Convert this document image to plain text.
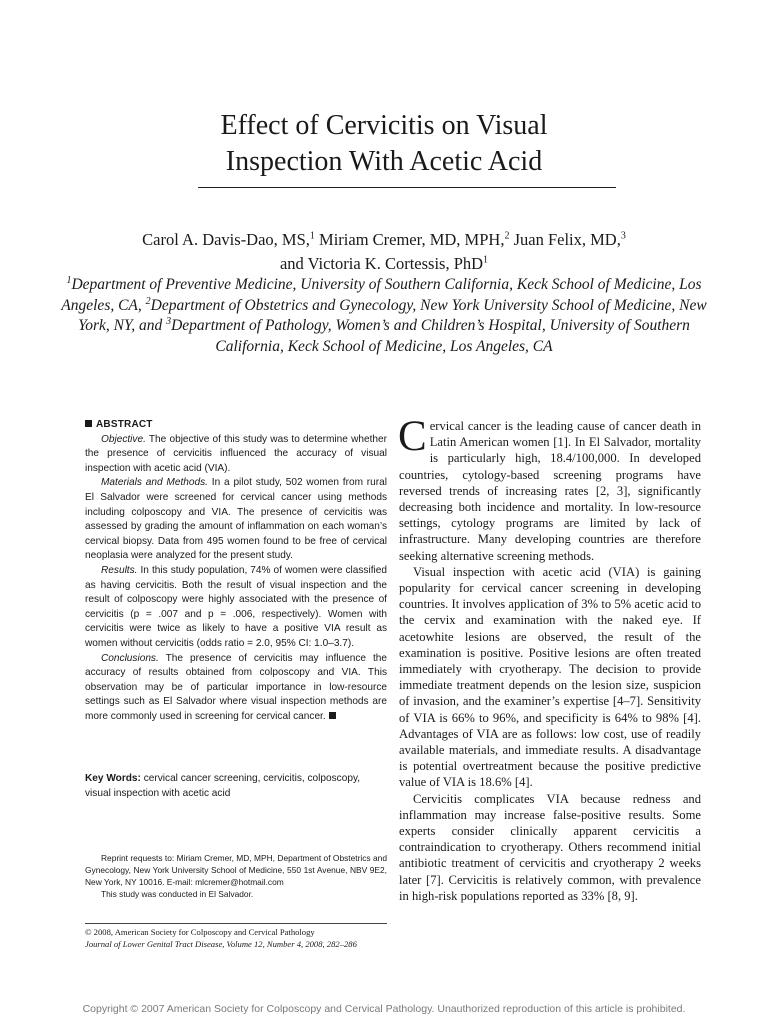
Effect of Cervicitis on Visual
Inspection With Acetic Acid
Carol A. Davis-Dao, MS,$^1$ Miriam Cremer, MD, MPH,$^2$ Juan Felix, MD,$^3$
and Victoria K. Cortessis, PhD$^1$
$^1$Department of Preventive Medicine, University of Southern California, Keck School of Medicine, Los Angeles, CA, $^2$Department of Obstetrics and Gynecology, New York University School of Medicine, New York, NY, and $^3$Department of Pathology, Women’s and Children’s Hospital, University of Southern California, Keck School of Medicine, Los Angeles, CA
ABSTRACT

Objective. The objective of this study was to determine whether the presence of cervicitis influenced the accuracy of visual inspection with acetic acid (VIA).

Materials and Methods. In a pilot study, 502 women from rural El Salvador were screened for cervical cancer using methods including colposcopy and VIA. The presence of cervicitis was assessed by grading the amount of inflammation on each woman’s cervical biopsy. Data from 495 women found to be free of cervical neoplasia were analyzed for the present study.

Results. In this study population, 74% of women were classified as having cervicitis. Both the result of visual inspection and the result of colposcopy were highly associated with the presence of cervicitis (p = .007 and p = .006, respectively). Women with cervicitis were twice as likely to have a positive VIA result as women without cervicitis (odds ratio = 2.0, 95% CI: 1.0–3.7).

Conclusions. The presence of cervicitis may influence the accuracy of results obtained from colposcopy and VIA. This observation may be of particular importance in low-resource settings such as El Salvador where visual inspection methods are more commonly used in screening for cervical cancer.

Key Words: cervical cancer screening, cervicitis, colposcopy, visual inspection with acetic acid

Reprint requests to: Miriam Cremer, MD, MPH, Department of Obstetrics and Gynecology, New York University School of Medicine, 550 1st Avenue, NBV 9E2, New York, NY 10016. E-mail: mlcremer@hotmail.com

This study was conducted in El Salvador.

© 2008, American Society for Colposcopy and Cervical Pathology
Journal of Lower Genital Tract Disease, Volume 12, Number 4, 2008, 282–286

Cervical cancer is the leading cause of cancer death in Latin American women [1]. In El Salvador, mortality is particularly high, 18.4/100,000. In developed countries, cytology-based screening programs have reversed trends of increasing rates [2, 3], significantly decreasing both incidence and mortality. In low-resource settings, cytology programs are limited by lack of infrastructure. Many developing countries are therefore seeking alternative screening methods.

Visual inspection with acetic acid (VIA) is gaining popularity for cervical cancer screening in developing countries. It involves application of 3% to 5% acetic acid to the cervix and examination with the naked eye. If acetowhite lesions are observed, the result of the examination is positive. Positive lesions are often treated immediately with cryotherapy. The decision to provide immediate treatment depends on the lesion size, suspicion of invasion, and the examiner’s expertise [4–7]. Sensitivity of VIA is 66% to 96%, and specificity is 64% to 98% [4]. Advantages of VIA are as follows: low cost, use of readily available materials, and immediate results. A disadvantage is potential overtreatment because the positive predictive value of VIA is 18.6% [4].

Cervicitis complicates VIA because redness and inflammation may increase false-positive results. Some experts consider clinically apparent cervicitis a contraindication to cryotherapy. Others recommend initial antibiotic treatment of cervicitis and cryotherapy 2 weeks later [7]. Cervicitis is relatively common, with prevalence in high-risk populations reported as 33% [8, 9].

Copyright © 2007 American Society for Colposcopy and Cervical Pathology. Unauthorized reproduction of this article is prohibited.
